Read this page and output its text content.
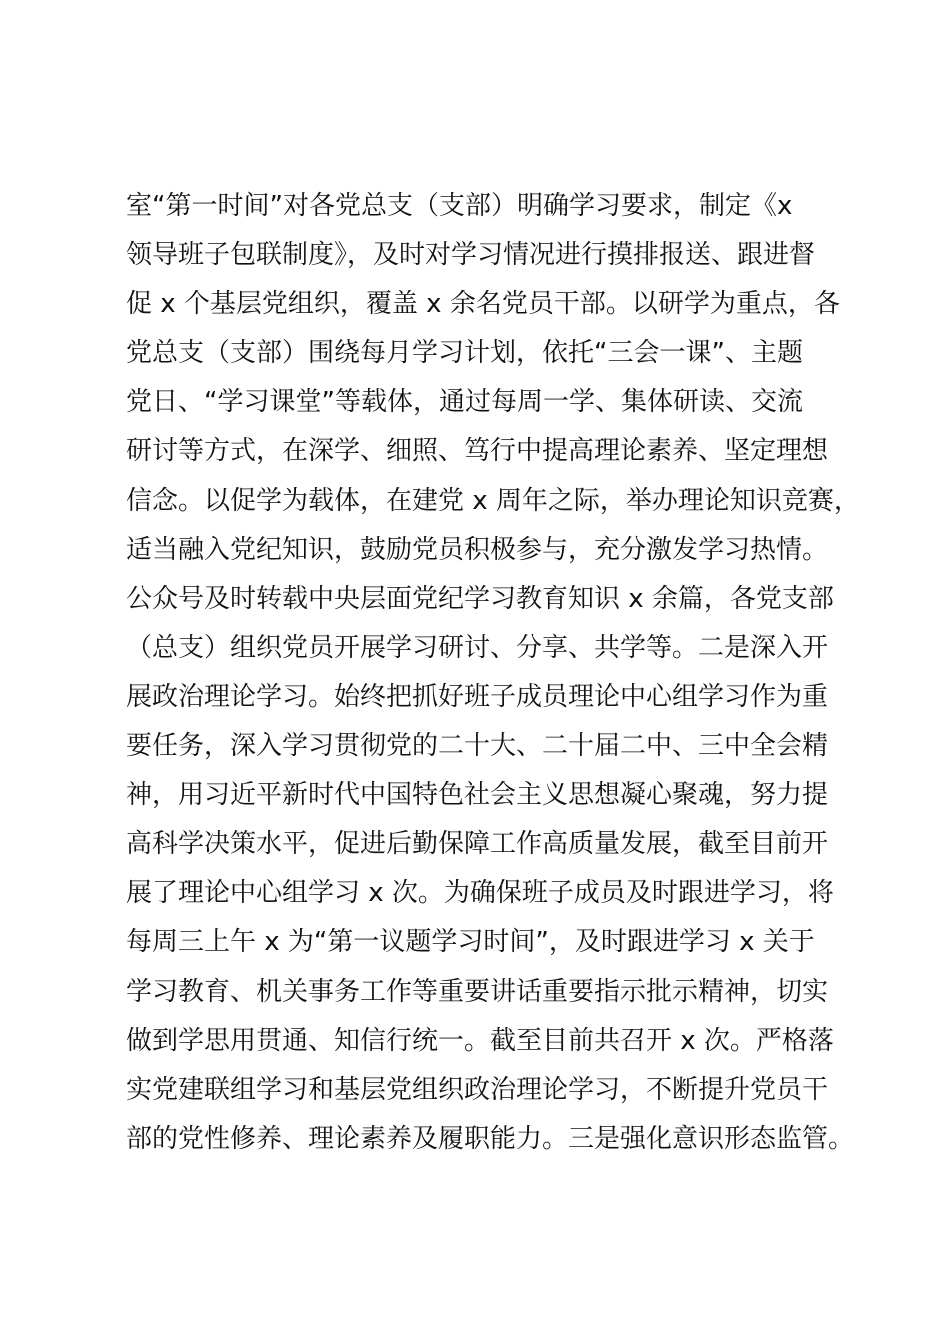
室“第一时间”对各党总支（支部）明确学习要求，制定《x
领导班子包联制度》，及时对学习情况进行摸排报送、跟进督
促 x 个基层党组织，覆盖 x 余名党员干部。以研学为重点，各
党总支（支部）围绕每月学习计划，依托“三会一课”、主题
党日、“学习课堂”等载体，通过每周一学、集体研读、交流
研讨等方式，在深学、细照、笃行中提高理论素养、坚定理想
信念。以促学为载体，在建党 x 周年之际，举办理论知识竞赛，
适当融入党纪知识，鼓励党员积极参与，充分激发学习热情。
公众号及时转载中央层面党纪学习教育知识 x 余篇，各党支部
（总支）组织党员开展学习研讨、分享、共学等。二是深入开
展政治理论学习。始终把抓好班子成员理论中心组学习作为重
要任务，深入学习贯彻党的二十大、二十届二中、三中全会精
神，用习近平新时代中国特色社会主义思想凝心聚魂，努力提
高科学决策水平，促进后勤保障工作高质量发展，截至目前开
展了理论中心组学习 x 次。为确保班子成员及时跟进学习，将
每周三上午 x 为“第一议题学习时间”，及时跟进学习 x 关于
学习教育、机关事务工作等重要讲话重要指示批示精神，切实
做到学思用贯通、知信行统一。截至目前共召开 x 次。严格落
实党建联组学习和基层党组织政治理论学习，不断提升党员干
部的党性修养、理论素养及履职能力。三是强化意识形态监管。
